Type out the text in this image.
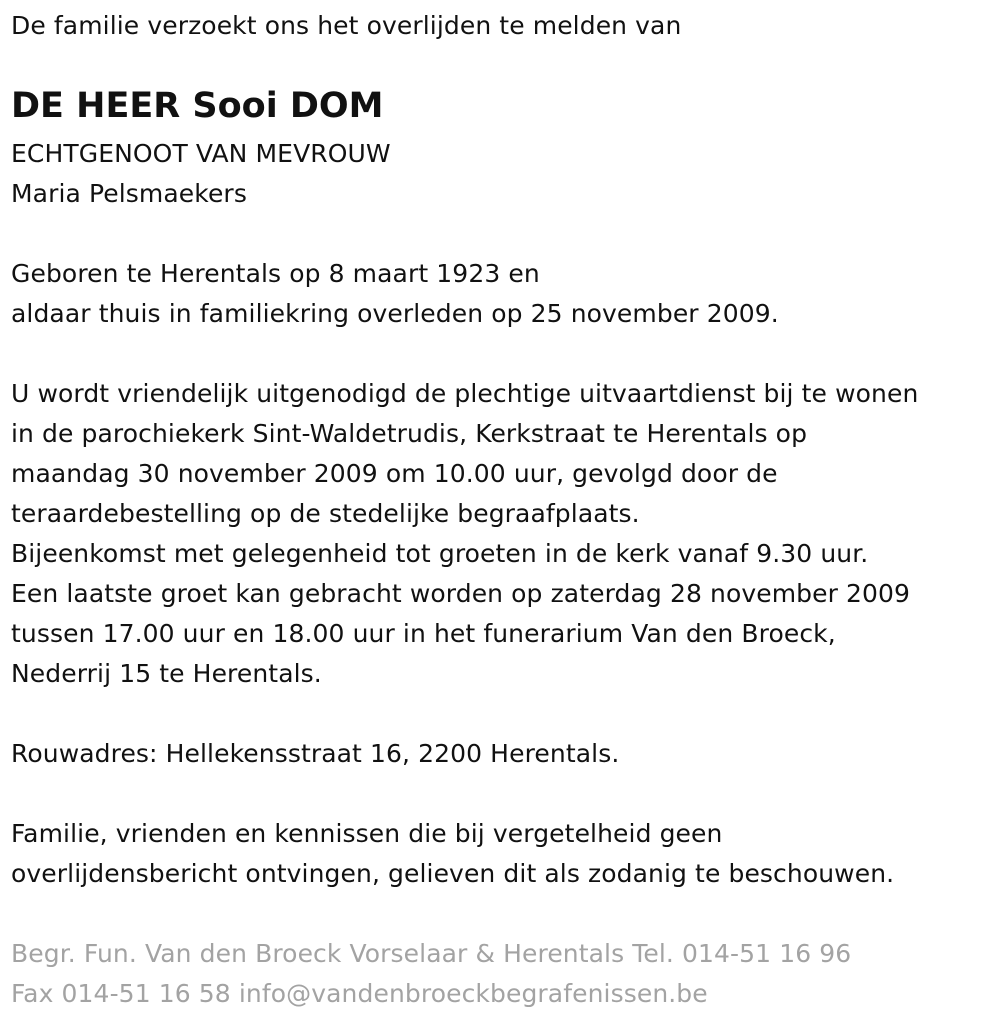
De familie verzoekt ons het overlijden te melden van
DE HEER Sooi DOM
ECHTGENOOT VAN MEVROUW
Maria Pelsmaekers
Geboren te Herentals op 8 maart 1923 en
aldaar thuis in familiekring overleden op 25 november 2009.
U wordt vriendelijk uitgenodigd de plechtige uitvaartdienst bij te wonen
in de parochiekerk Sint-Waldetrudis, Kerkstraat te Herentals op
maandag 30 november 2009 om 10.00 uur, gevolgd door de
teraardebestelling op de stedelijke begraafplaats.
Bijeenkomst met gelegenheid tot groeten in de kerk vanaf 9.30 uur.
Een laatste groet kan gebracht worden op zaterdag 28 november 2009
tussen 17.00 uur en 18.00 uur in het funerarium Van den Broeck,
Nederrij 15 te Herentals.
Rouwadres: Hellekensstraat 16, 2200 Herentals.
Familie, vrienden en kennissen die bij vergetelheid geen
overlijdensbericht ontvingen, gelieven dit als zodanig te beschouwen.
Begr. Fun. Van den Broeck Vorselaar & Herentals Tel. 014-51 16 96
Fax 014-51 16 58 info@vandenbroeckbegrafenissen.be
